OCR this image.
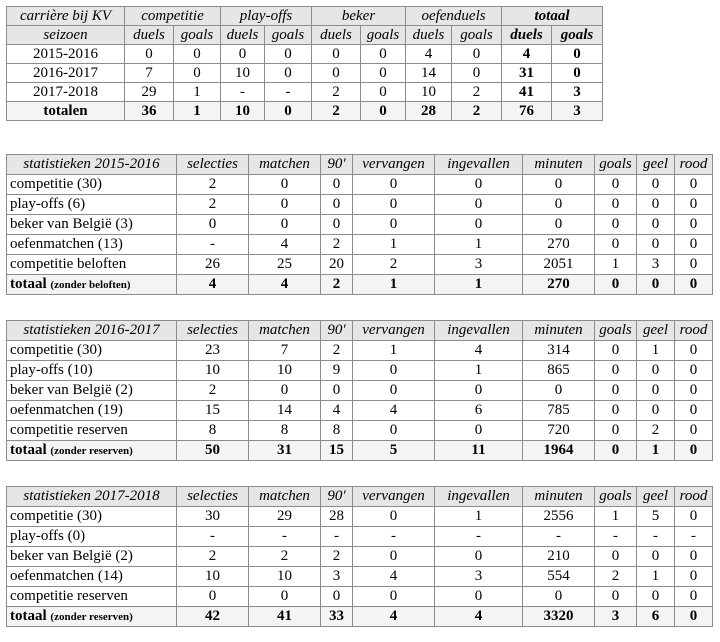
carrière bij KV	competitie		play-offs		beker		oefenduels		totaal	
seizoen	duels	goals	duels	goals	duels	goals	duels	goals	duels	goals
2015-2016	0	0	0	0	0	0	4	0	4	0
2016-2017	7	0	10	0	0	0	14	0	31	0
2017-2018	29	1	-	-	2	0	10	2	41	3
totalen	36	1	10	0	2	0	28	2	76	3
statistieken 2015-2016	selecties	matchen	90'	vervangen	ingevallen	minuten	goals	geel	rood
competitie (30)	2	0	0	0	0	0	0	0	0
play-offs (6)	2	0	0	0	0	0	0	0	0
beker van België (3)	0	0	0	0	0	0	0	0	0
oefenmatchen (13)	-	4	2	1	1	270	0	0	0
competitie beloften	26	25	20	2	3	2051	1	3	0
totaal (zonder beloften)	4	4	2	1	1	270	0	0	0
statistieken 2016-2017	selecties	matchen	90'	vervangen	ingevallen	minuten	goals	geel	rood
competitie (30)	23	7	2	1	4	314	0	1	0
play-offs (10)	10	10	9	0	1	865	0	0	0
beker van België (2)	2	0	0	0	0	0	0	0	0
oefenmatchen (19)	15	14	4	4	6	785	0	0	0
competitie reserven	8	8	8	0	0	720	0	2	0
totaal (zonder reserven)	50	31	15	5	11	1964	0	1	0
statistieken 2017-2018	selecties	matchen	90'	vervangen	ingevallen	minuten	goals	geel	rood
competitie (30)	30	29	28	0	1	2556	1	5	0
play-offs (0)	-	-	-	-	-	-	-	-	-
beker van België (2)	2	2	2	0	0	210	0	0	0
oefenmatchen (14)	10	10	3	4	3	554	2	1	0
competitie reserven	0	0	0	0	0	0	0	0	0
totaal (zonder reserven)	42	41	33	4	4	3320	3	6	0
